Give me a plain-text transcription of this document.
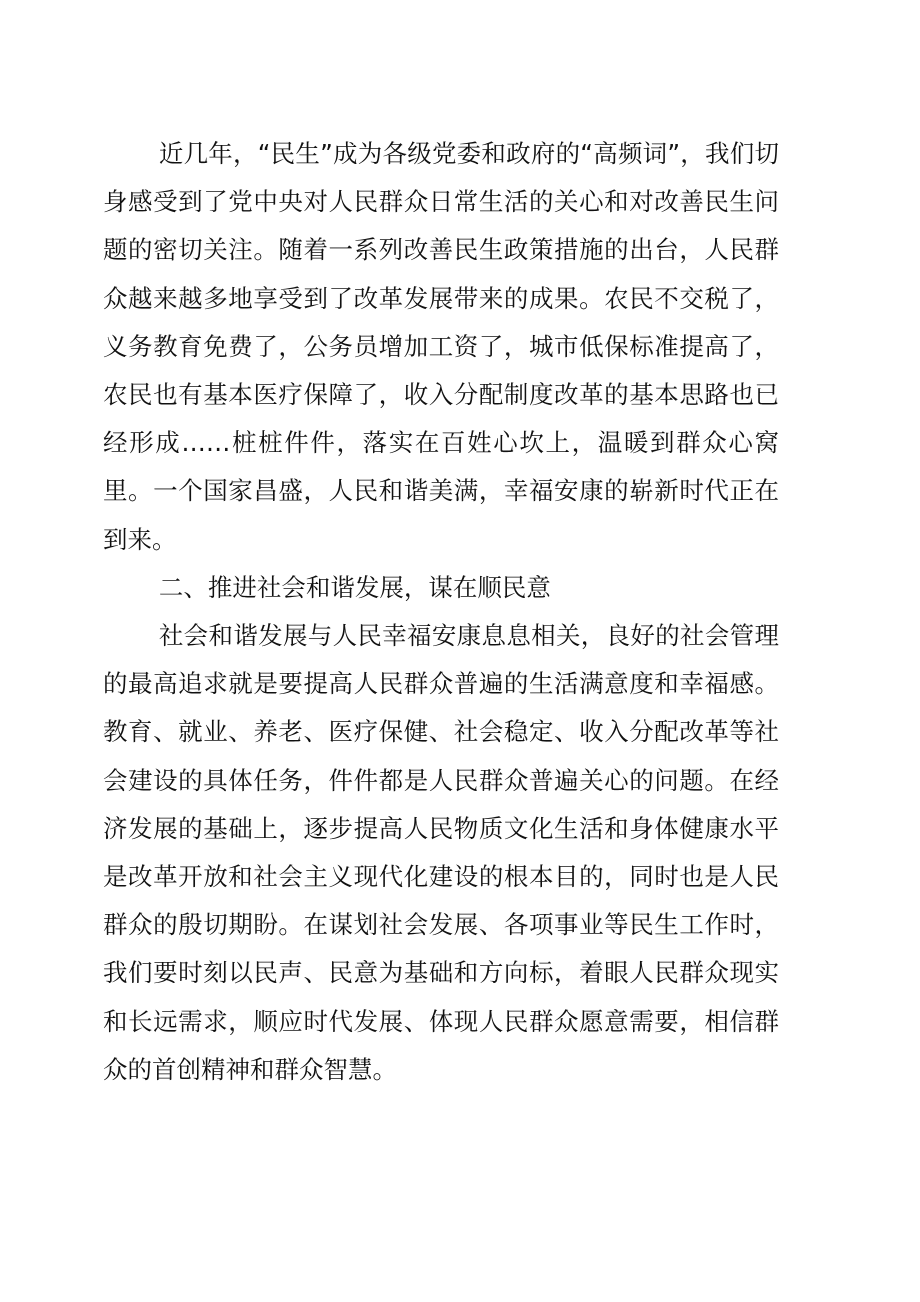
近几年，“民生”成为各级党委和政府的“高频词”，我们切身感受到了党中央对人民群众日常生活的关心和对改善民生问题的密切关注。随着一系列改善民生政策措施的出台，人民群众越来越多地享受到了改革发展带来的成果。农民不交税了，义务教育免费了，公务员增加工资了，城市低保标准提高了，农民也有基本医疗保障了，收入分配制度改革的基本思路也已经形成……桩桩件件，落实在百姓心坎上，温暖到群众心窝里。一个国家昌盛，人民和谐美满，幸福安康的崭新时代正在到来。

二、推进社会和谐发展，谋在顺民意

社会和谐发展与人民幸福安康息息相关，良好的社会管理的最高追求就是要提高人民群众普遍的生活满意度和幸福感。教育、就业、养老、医疗保健、社会稳定、收入分配改革等社会建设的具体任务，件件都是人民群众普遍关心的问题。在经济发展的基础上，逐步提高人民物质文化生活和身体健康水平是改革开放和社会主义现代化建设的根本目的，同时也是人民群众的殷切期盼。在谋划社会发展、各项事业等民生工作时，我们要时刻以民声、民意为基础和方向标，着眼人民群众现实和长远需求，顺应时代发展、体现人民群众愿意需要，相信群众的首创精神和群众智慧。
